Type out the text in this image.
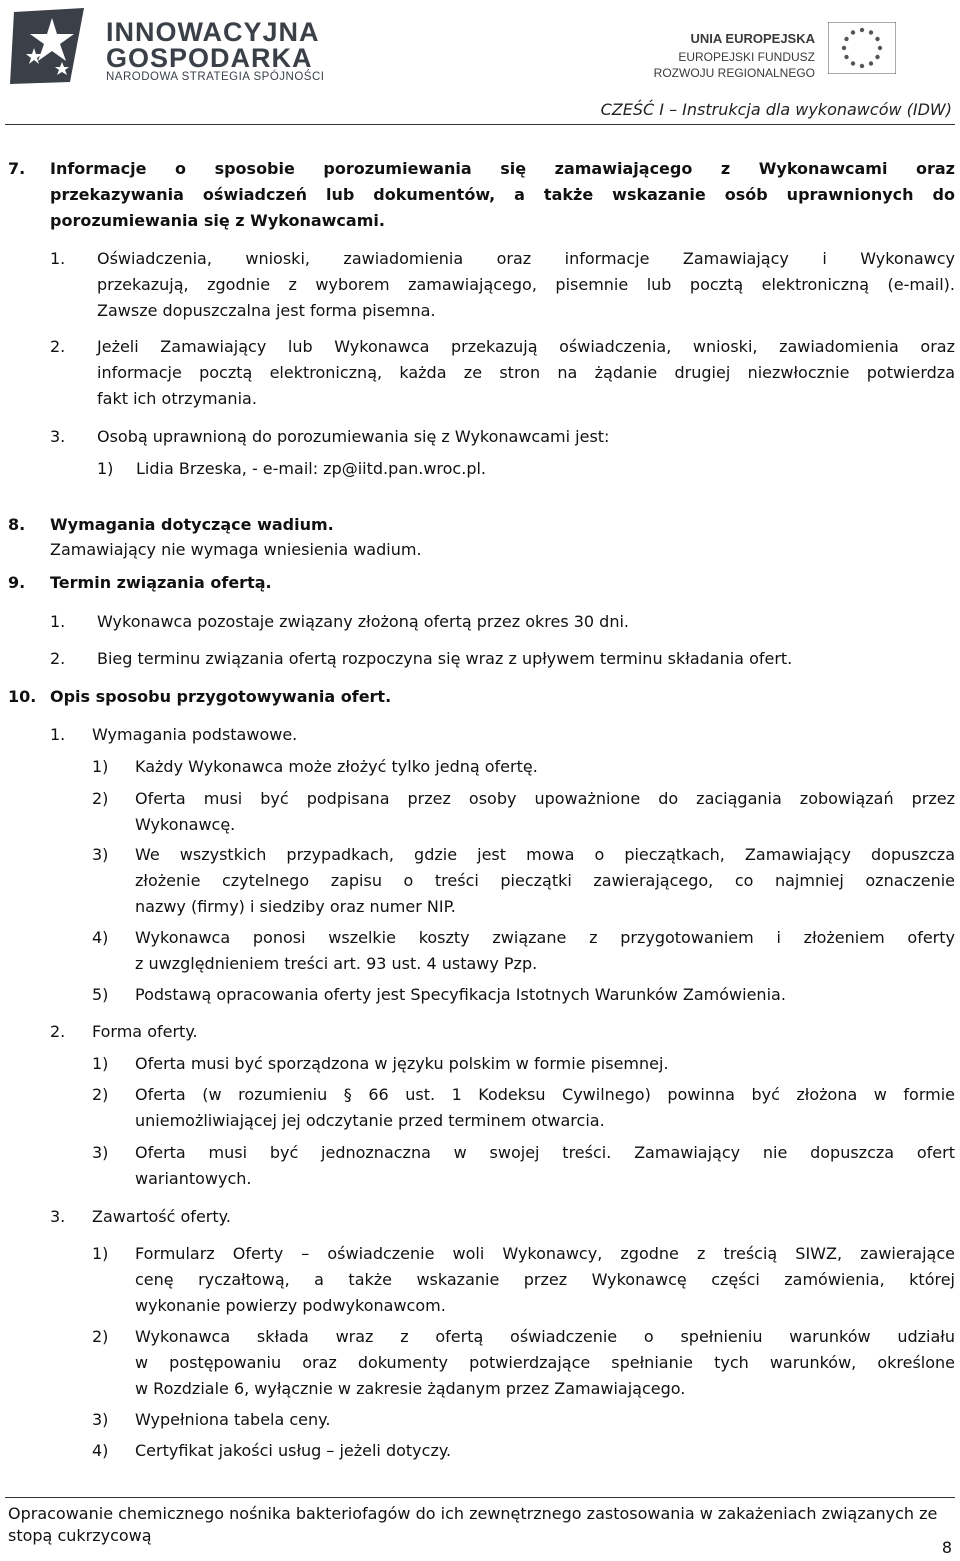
INNOWACYJNA
GOSPODARKA
NARODOWA STRATEGIA SPÓJNOŚCI
UNIA EUROPEJSKA
EUROPEJSKI FUNDUSZ
ROZWOJU REGIONALNEGO
CZEŚĆ I – Instrukcja dla wykonawców (IDW)
7. Informacje o sposobie porozumiewania się zamawiającego z Wykonawcami oraz
przekazywania oświadczeń lub dokumentów, a także wskazanie osób uprawnionych do
porozumiewania się z Wykonawcami.
1. Oświadczenia, wnioski, zawiadomienia oraz informacje Zamawiający i Wykonawcy
przekazują, zgodnie z wyborem zamawiającego, pisemnie lub pocztą elektroniczną (e-mail).
Zawsze dopuszczalna jest forma pisemna.
2. Jeżeli Zamawiający lub Wykonawca przekazują oświadczenia, wnioski, zawiadomienia oraz
informacje pocztą elektroniczną, każda ze stron na żądanie drugiej niezwłocznie potwierdza
fakt ich otrzymania.
3. Osobą uprawnioną do porozumiewania się z Wykonawcami jest:
1) Lidia Brzeska, - e-mail: zp@iitd.pan.wroc.pl.
8. Wymagania dotyczące wadium.
Zamawiający nie wymaga wniesienia wadium.
9. Termin związania ofertą.
1. Wykonawca pozostaje związany złożoną ofertą przez okres 30 dni.
2. Bieg terminu związania ofertą rozpoczyna się wraz z upływem terminu składania ofert.
10. Opis sposobu przygotowywania ofert.
1. Wymagania podstawowe.
1) Każdy Wykonawca może złożyć tylko jedną ofertę.
2) Oferta musi być podpisana przez osoby upoważnione do zaciągania zobowiązań przez
Wykonawcę.
3) We wszystkich przypadkach, gdzie jest mowa o pieczątkach, Zamawiający dopuszcza
złożenie czytelnego zapisu o treści pieczątki zawierającego, co najmniej oznaczenie
nazwy (firmy) i siedziby oraz numer NIP.
4) Wykonawca ponosi wszelkie koszty związane z przygotowaniem i złożeniem oferty
z uwzględnieniem treści art. 93 ust. 4 ustawy Pzp.
5) Podstawą opracowania oferty jest Specyfikacja Istotnych Warunków Zamówienia.
2. Forma oferty.
1) Oferta musi być sporządzona w języku polskim w formie pisemnej.
2) Oferta (w rozumieniu § 66 ust. 1 Kodeksu Cywilnego) powinna być złożona w formie
uniemożliwiającej jej odczytanie przed terminem otwarcia.
3) Oferta musi być jednoznaczna w swojej treści. Zamawiający nie dopuszcza ofert
wariantowych.
3. Zawartość oferty.
1) Formularz Oferty – oświadczenie woli Wykonawcy, zgodne z treścią SIWZ, zawierające
cenę ryczałtową, a także wskazanie przez Wykonawcę części zamówienia, której
wykonanie powierzy podwykonawcom.
2) Wykonawca składa wraz z ofertą oświadczenie o spełnieniu warunków udziału
w postępowaniu oraz dokumenty potwierdzające spełnianie tych warunków, określone
w Rozdziale 6, wyłącznie w zakresie żądanym przez Zamawiającego.
3) Wypełniona tabela ceny.
4) Certyfikat jakości usług – jeżeli dotyczy.
Opracowanie chemicznego nośnika bakteriofagów do ich zewnętrznego zastosowania w zakażeniach związanych ze
stopą cukrzycową
8
